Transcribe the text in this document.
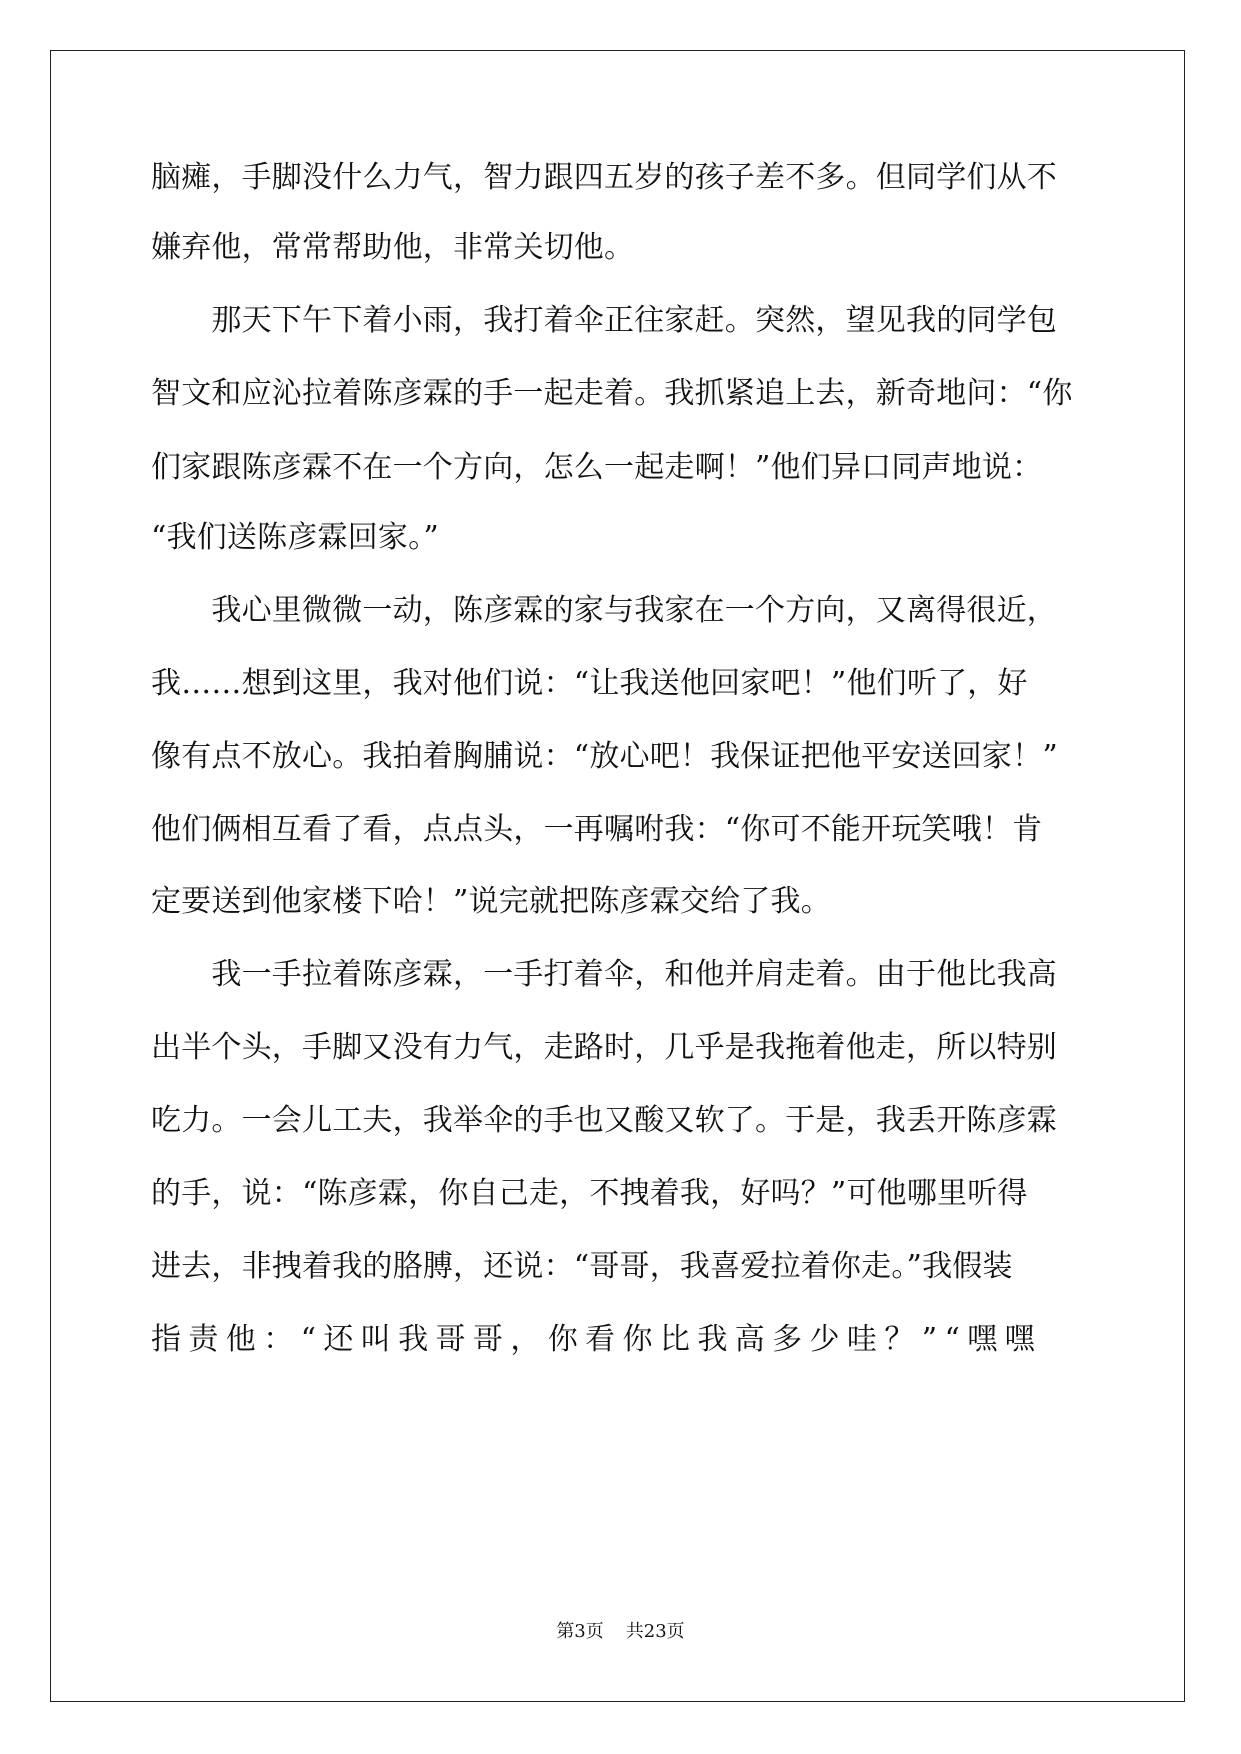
脑瘫，手脚没什么力气，智力跟四五岁的孩子差不多。但同学们从不
嫌弃他，常常帮助他，非常关切他。
　　那天下午下着小雨，我打着伞正往家赶。突然，望见我的同学包
智文和应沁拉着陈彦霖的手一起走着。我抓紧追上去，新奇地问：“你
们家跟陈彦霖不在一个方向，怎么一起走啊！”他们异口同声地说：
“我们送陈彦霖回家。”
　　我心里微微一动，陈彦霖的家与我家在一个方向，又离得很近，
我……想到这里，我对他们说：“让我送他回家吧！”他们听了，好
像有点不放心。我拍着胸脯说：“放心吧！我保证把他平安送回家！”
他们俩相互看了看，点点头，一再嘱咐我：“你可不能开玩笑哦！肯
定要送到他家楼下哈！”说完就把陈彦霖交给了我。
　　我一手拉着陈彦霖，一手打着伞，和他并肩走着。由于他比我高
出半个头，手脚又没有力气，走路时，几乎是我拖着他走，所以特别
吃力。一会儿工夫，我举伞的手也又酸又软了。于是，我丢开陈彦霖
的手，说：“陈彦霖，你自己走，不拽着我，好吗？”可他哪里听得
进去，非拽着我的胳膊，还说：“哥哥，我喜爱拉着你走。”我假装
指责他：“还叫我哥哥，你看你比我高多少哇？”“嘿嘿
第3页 共23页
